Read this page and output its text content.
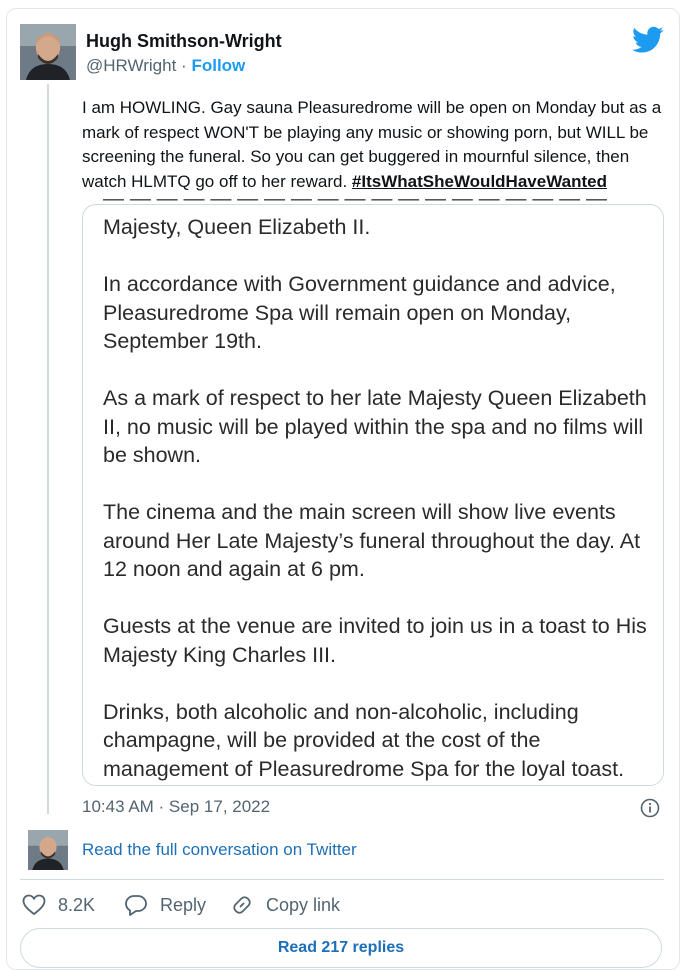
Hugh Smithson-Wright
@HRWright · Follow
I am HOWLING. Gay sauna Pleasuredrome will be open on Monday but as a mark of respect WON'T be playing any music or showing porn, but WILL be screening the funeral. So you can get buggered in mournful silence, then watch HLMTQ go off to her reward. #ItsWhatSheWouldHaveWanted
— — — — — — — — — — — — — — — — — — —

Majesty, Queen Elizabeth II.

In accordance with Government guidance and advice, Pleasuredrome Spa will remain open on Monday, September 19th.

As a mark of respect to her late Majesty Queen Elizabeth II, no music will be played within the spa and no films will be shown.

The cinema and the main screen will show live events around Her Late Majesty’s funeral throughout the day. At 12 noon and again at 6 pm.

Guests at the venue are invited to join us in a toast to His Majesty King Charles III.

Drinks, both alcoholic and non-alcoholic, including champagne, will be provided at the cost of the management of Pleasuredrome Spa for the loyal toast.

10:43 AM · Sep 17, 2022
Read the full conversation on Twitter
8.2K	Reply	Copy link
Read 217 replies
